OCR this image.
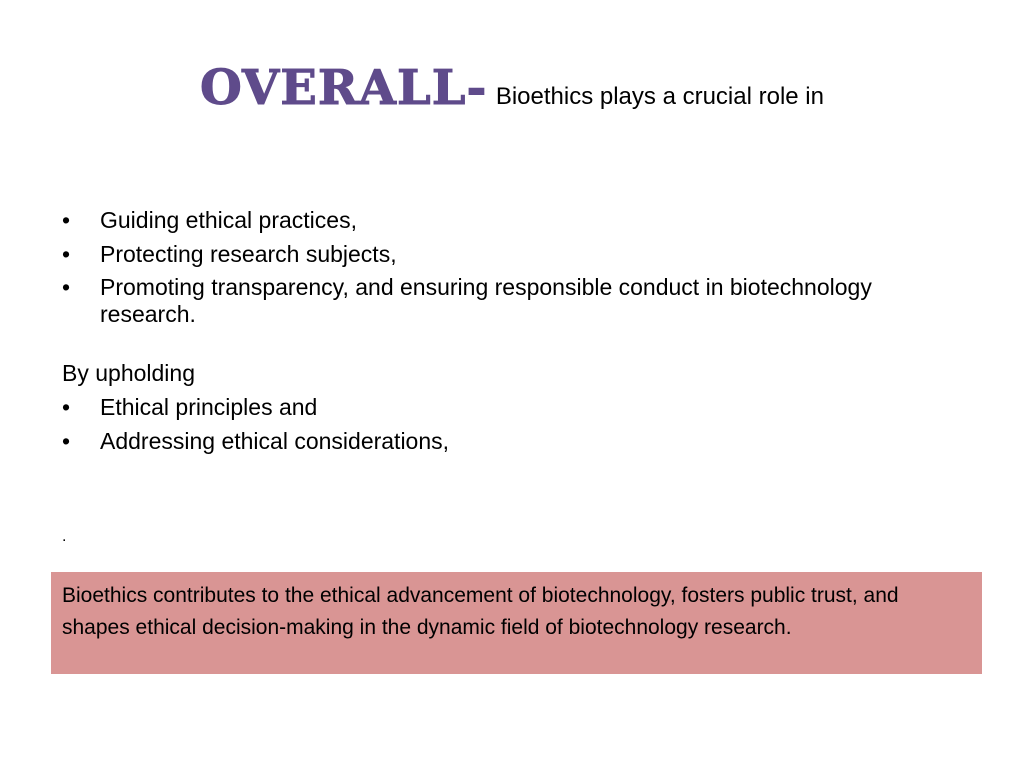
OVERALL- Bioethics plays a crucial role in
• Guiding ethical practices,
• Protecting research subjects,
• Promoting transparency, and ensuring responsible conduct in biotechnology research.
By upholding
• Ethical principles and
• Addressing ethical considerations,
.
Bioethics contributes to the ethical advancement of biotechnology, fosters public trust, and shapes ethical decision-making in the dynamic field of biotechnology research.
